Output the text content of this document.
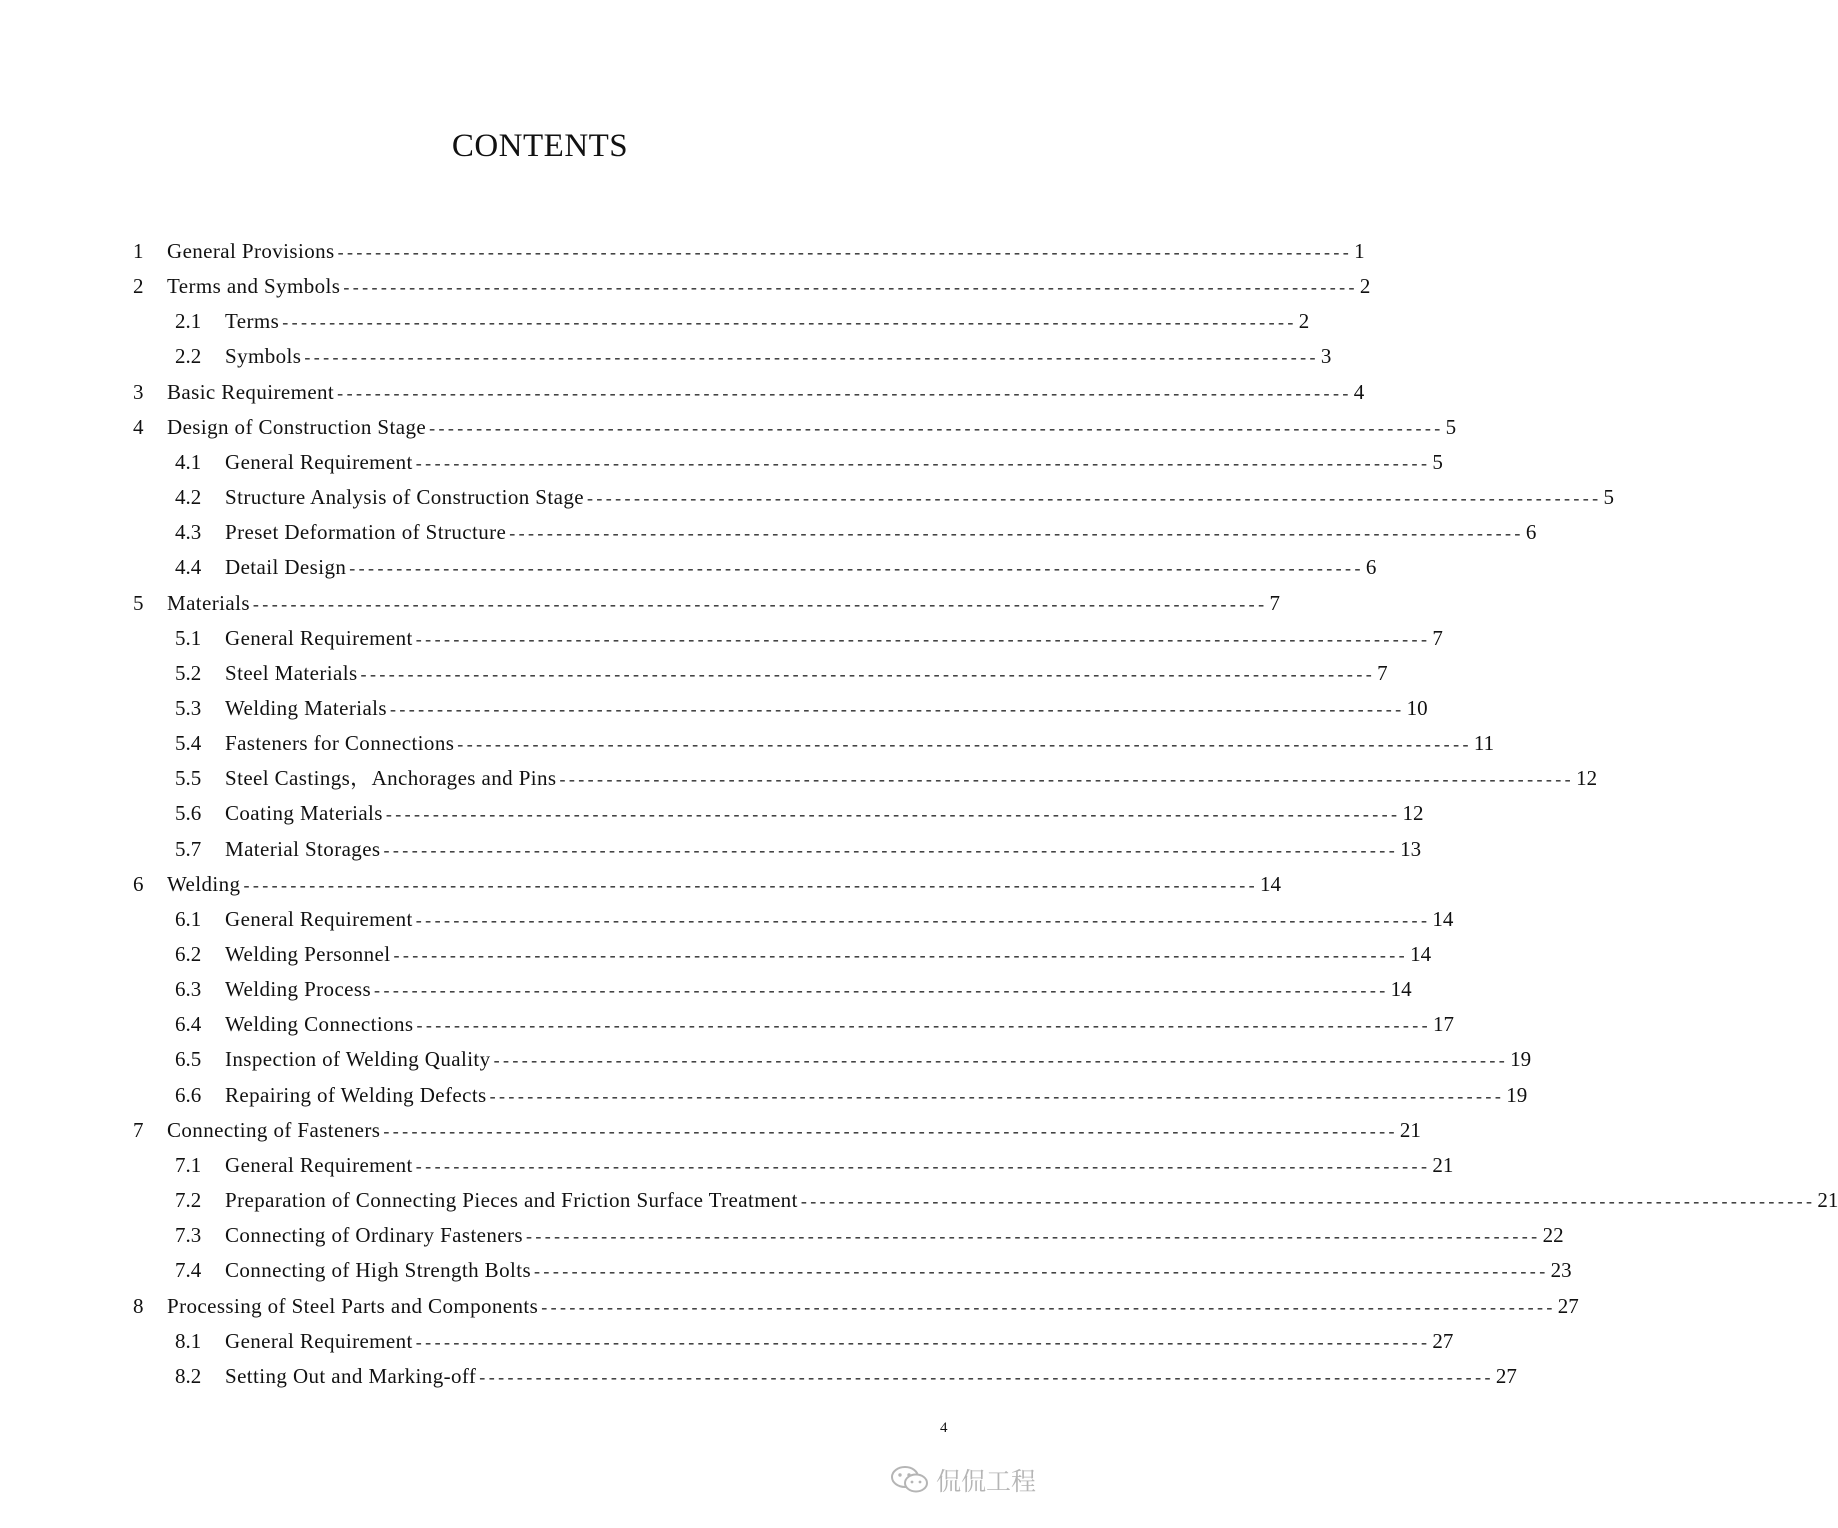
CONTENTS
1	General Provisions ------------------------------------------------------------------------------------------------------------ 1
2	Terms and Symbols ------------------------------------------------------------------------------------------------------------ 2
2.1	Terms ------------------------------------------------------------------------------------------------------------ 2
2.2	Symbols ------------------------------------------------------------------------------------------------------------ 3
3	Basic Requirement ------------------------------------------------------------------------------------------------------------ 4
4	Design of Construction Stage ------------------------------------------------------------------------------------------------------------ 5
4.1	General Requirement ------------------------------------------------------------------------------------------------------------ 5
4.2	Structure Analysis of Construction Stage ------------------------------------------------------------------------------------------------------------ 5
4.3	Preset Deformation of Structure ------------------------------------------------------------------------------------------------------------ 6
4.4	Detail Design ------------------------------------------------------------------------------------------------------------ 6
5	Materials ------------------------------------------------------------------------------------------------------------ 7
5.1	General Requirement ------------------------------------------------------------------------------------------------------------ 7
5.2	Steel Materials ------------------------------------------------------------------------------------------------------------ 7
5.3	Welding Materials ------------------------------------------------------------------------------------------------------------ 10
5.4	Fasteners for Connections ------------------------------------------------------------------------------------------------------------ 11
5.5	Steel Castings，Anchorages and Pins ------------------------------------------------------------------------------------------------------------ 12
5.6	Coating Materials ------------------------------------------------------------------------------------------------------------ 12
5.7	Material Storages ------------------------------------------------------------------------------------------------------------ 13
6	Welding ------------------------------------------------------------------------------------------------------------ 14
6.1	General Requirement ------------------------------------------------------------------------------------------------------------ 14
6.2	Welding Personnel ------------------------------------------------------------------------------------------------------------ 14
6.3	Welding Process ------------------------------------------------------------------------------------------------------------ 14
6.4	Welding Connections ------------------------------------------------------------------------------------------------------------ 17
6.5	Inspection of Welding Quality ------------------------------------------------------------------------------------------------------------ 19
6.6	Repairing of Welding Defects ------------------------------------------------------------------------------------------------------------ 19
7	Connecting of Fasteners ------------------------------------------------------------------------------------------------------------ 21
7.1	General Requirement ------------------------------------------------------------------------------------------------------------ 21
7.2	Preparation of Connecting Pieces and Friction Surface Treatment ------------------------------------------------------------------------------------------------------------ 21
7.3	Connecting of Ordinary Fasteners ------------------------------------------------------------------------------------------------------------ 22
7.4	Connecting of High Strength Bolts ------------------------------------------------------------------------------------------------------------ 23
8	Processing of Steel Parts and Components ------------------------------------------------------------------------------------------------------------ 27
8.1	General Requirement ------------------------------------------------------------------------------------------------------------ 27
8.2	Setting Out and Marking-off ------------------------------------------------------------------------------------------------------------ 27
4
侃侃工程
